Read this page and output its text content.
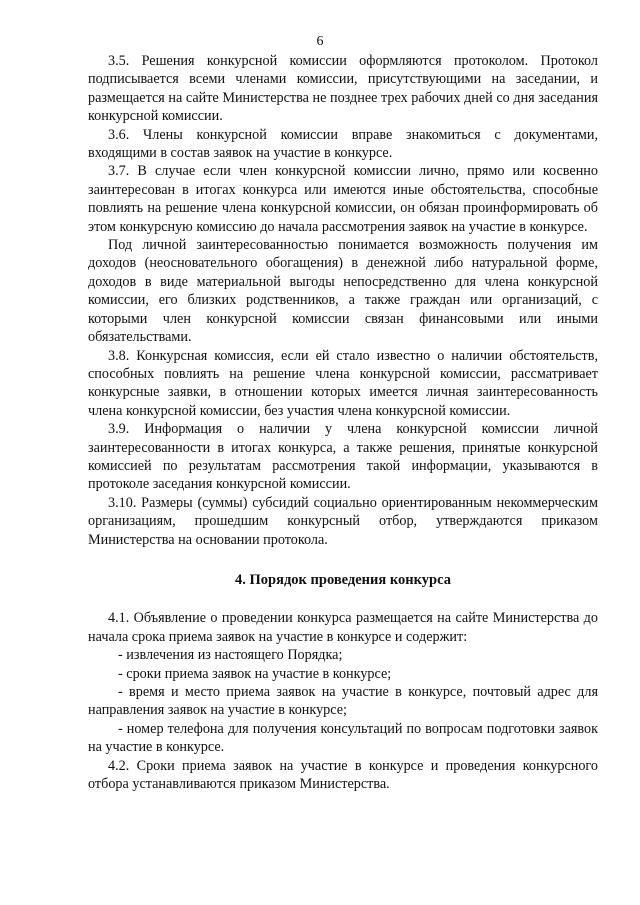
6

3.5. Решения конкурсной комиссии оформляются протоколом. Протокол подписывается всеми членами комиссии, присутствующими на заседании, и размещается на сайте Министерства не позднее трех рабочих дней со дня заседания конкурсной комиссии.

3.6. Члены конкурсной комиссии вправе знакомиться с документами, входящими в состав заявок на участие в конкурсе.

3.7. В случае если член конкурсной комиссии лично, прямо или косвенно заинтересован в итогах конкурса или имеются иные обстоятельства, способные повлиять на решение члена конкурсной комиссии, он обязан проинформировать об этом конкурсную комиссию до начала рассмотрения заявок на участие в конкурсе.

Под личной заинтересованностью понимается возможность получения им доходов (неосновательного обогащения) в денежной либо натуральной форме, доходов в виде материальной выгоды непосредственно для члена конкурсной комиссии, его близких родственников, а также граждан или организаций, с которыми член конкурсной комиссии связан финансовыми или иными обязательствами.

3.8. Конкурсная комиссия, если ей стало известно о наличии обстоятельств, способных повлиять на решение члена конкурсной комиссии, рассматривает конкурсные заявки, в отношении которых имеется личная заинтересованность члена конкурсной комиссии, без участия члена конкурсной комиссии.

3.9. Информация о наличии у члена конкурсной комиссии личной заинтересованности в итогах конкурса, а также решения, принятые конкурсной комиссией по результатам рассмотрения такой информации, указываются в протоколе заседания конкурсной комиссии.

3.10. Размеры (суммы) субсидий социально ориентированным некоммерческим организациям, прошедшим конкурсный отбор, утверждаются приказом Министерства на основании протокола.

4. Порядок проведения конкурса

4.1. Объявление о проведении конкурса размещается на сайте Министерства до начала срока приема заявок на участие в конкурсе и содержит:

- извлечения из настоящего Порядка;

- сроки приема заявок на участие в конкурсе;

- время и место приема заявок на участие в конкурсе, почтовый адрес для направления заявок на участие в конкурсе;

- номер телефона для получения консультаций по вопросам подготовки заявок на участие в конкурсе.

4.2. Сроки приема заявок на участие в конкурсе и проведения конкурсного отбора устанавливаются приказом Министерства.
